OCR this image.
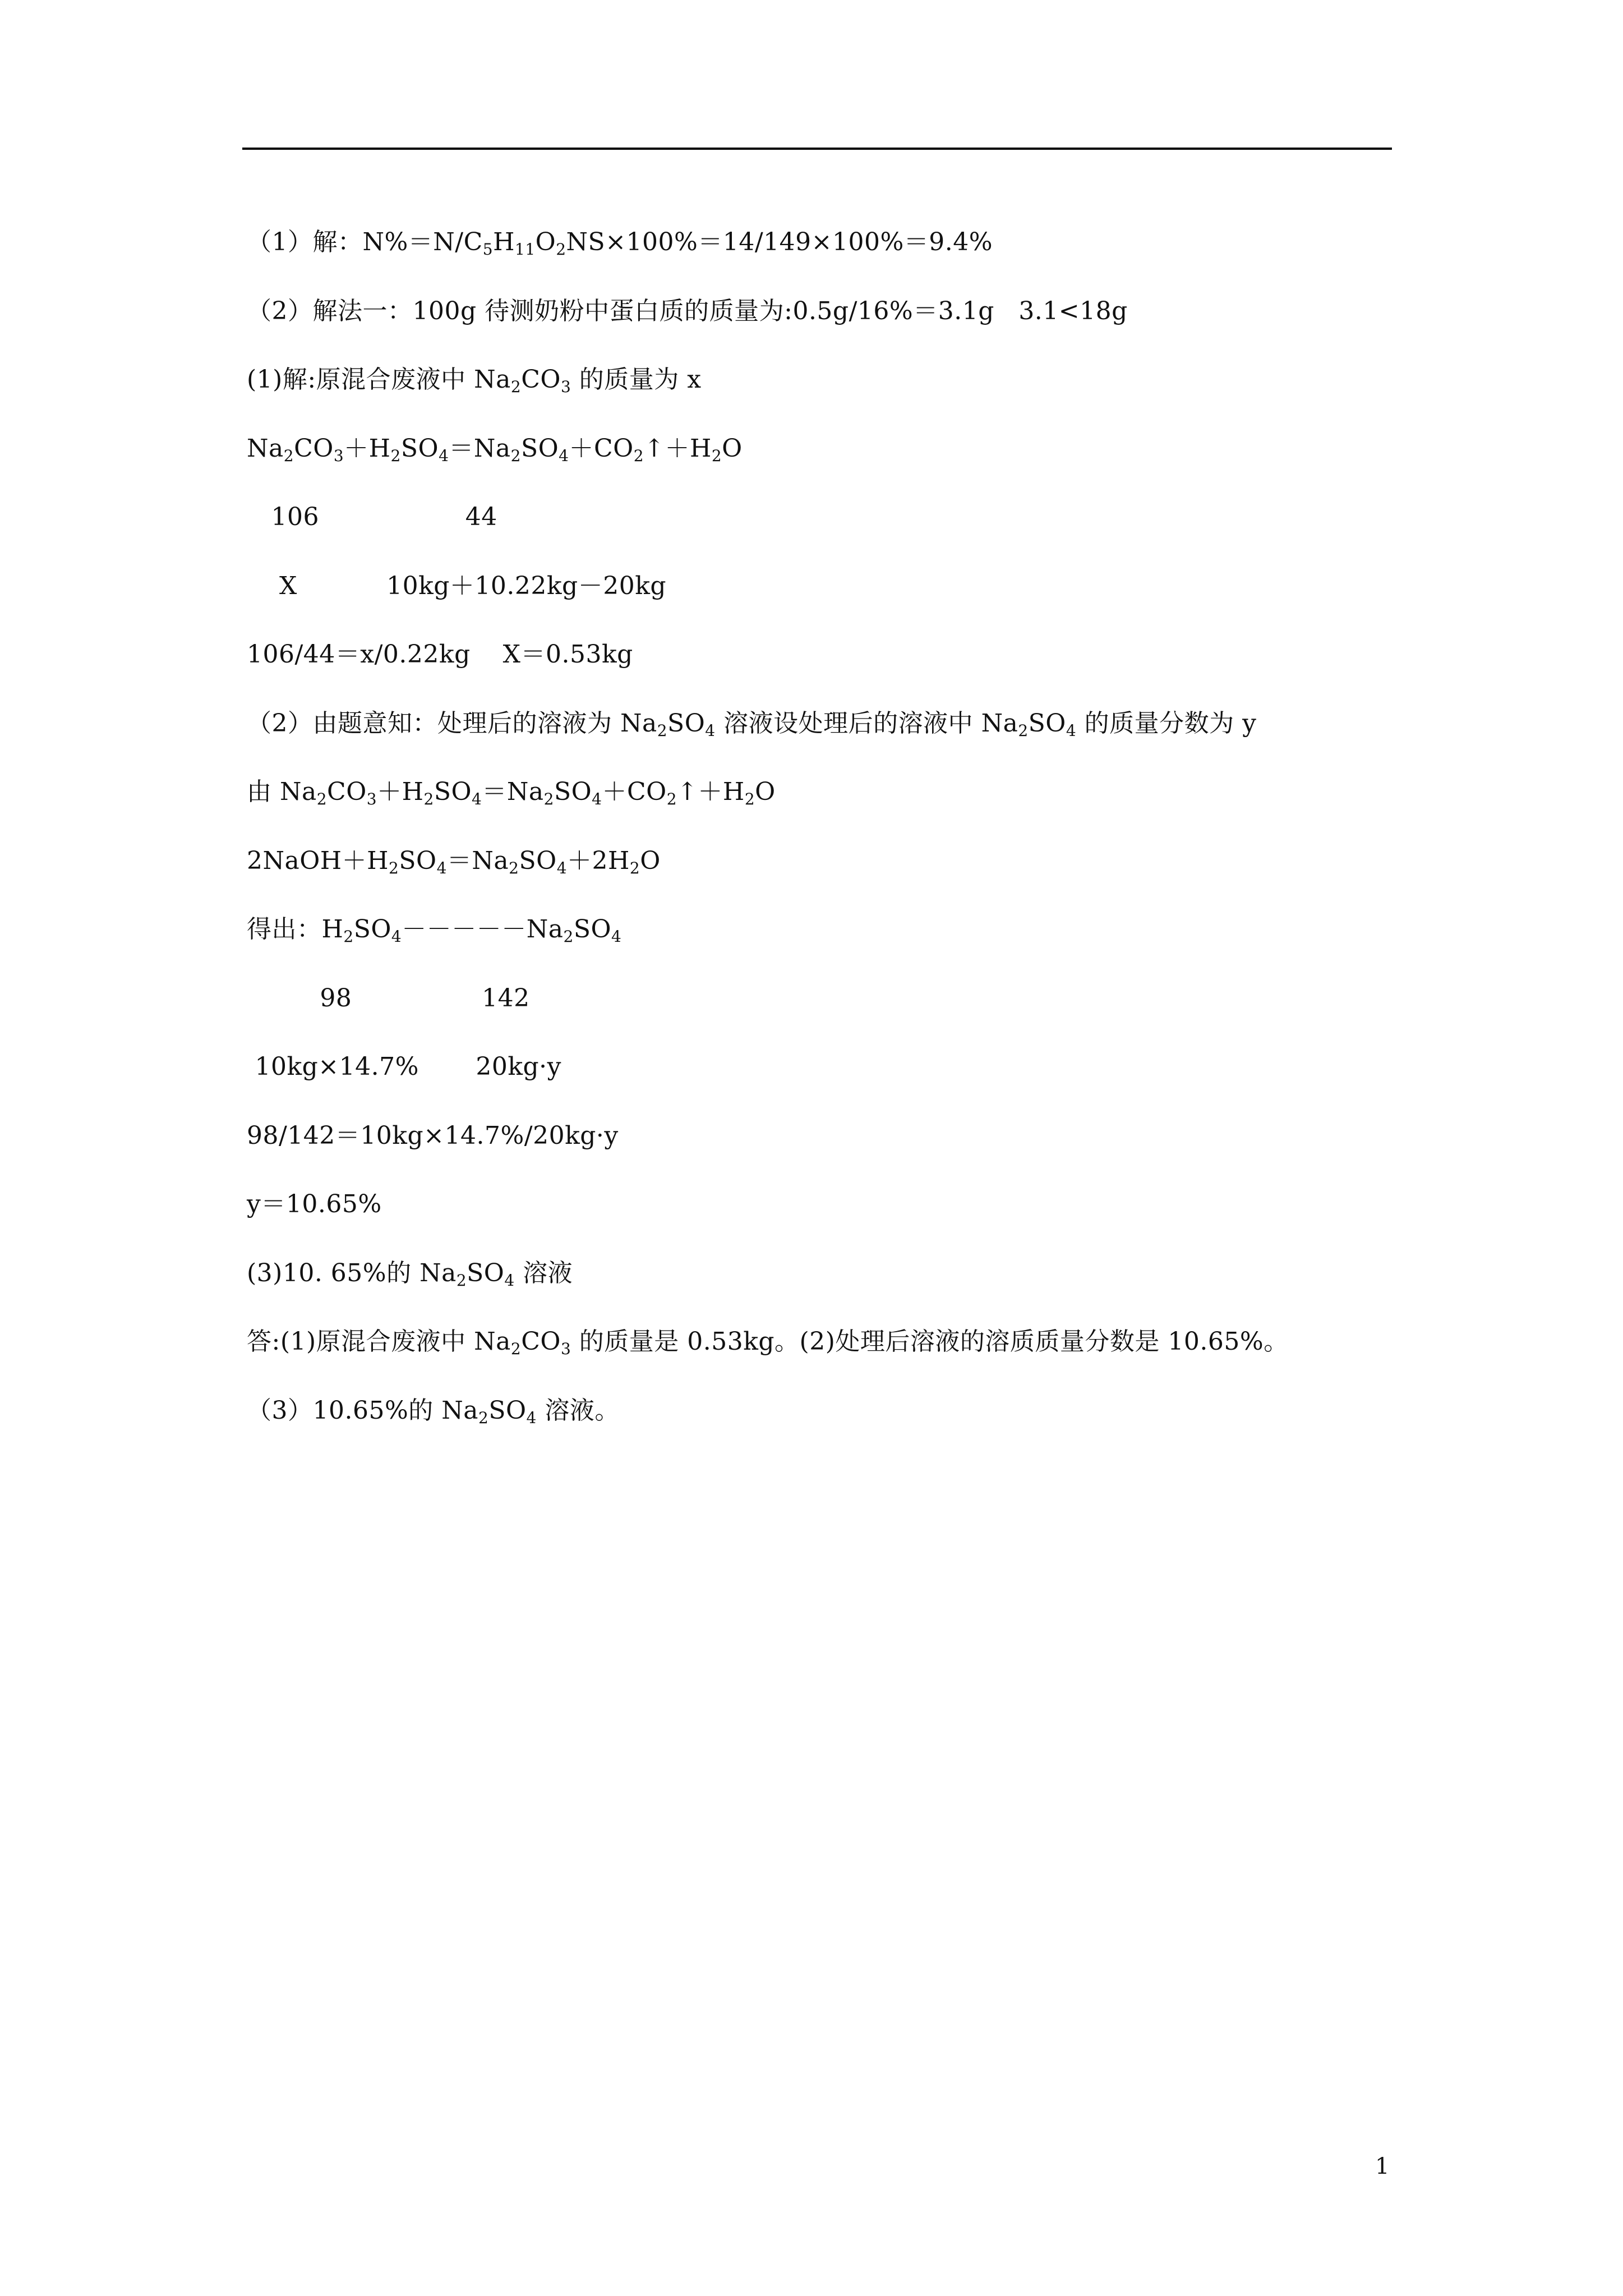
（1）解：$N\%=N/C_5H_{11}O_2NS\times 100\%=14/149\times 100\%=9.4\%$
（2）解法一：100g 待测奶粉中蛋白质的质量为:0.5g/16%＝3.1g   3.1<18g
(1)解:原混合废液中 $Na_2CO_3$ 的质量为 x
$Na_2CO_3+H_2SO_4=Na_2SO_4+CO_2↑+H_2O$
106                  44
X           10kg＋10.22kg－20kg
106/44＝x/0.22kg    X＝0.53kg
（2）由题意知：处理后的溶液为 $Na_2SO_4$ 溶液设处理后的溶液中 $Na_2SO_4$ 的质量分数为 y
由 $Na_2CO_3+H_2SO_4=Na_2SO_4+CO_2↑+H_2O$
$2NaOH+H_2SO_4=Na_2SO_4+2H_2O$
得出：$H_2SO_4-----Na_2SO_4$
98                142
10kg×14.7%       20kg·y
98/142＝10kg×14.7%/20kg·y
y＝10.65%
(3)10. 65%的 $Na_2SO_4$ 溶液
答:(1)原混合废液中 $Na_2CO_3$ 的质量是 0.53kg。(2)处理后溶液的溶质质量分数是 10.65%。
（3）10.65%的 $Na_2SO_4$ 溶液。
1
